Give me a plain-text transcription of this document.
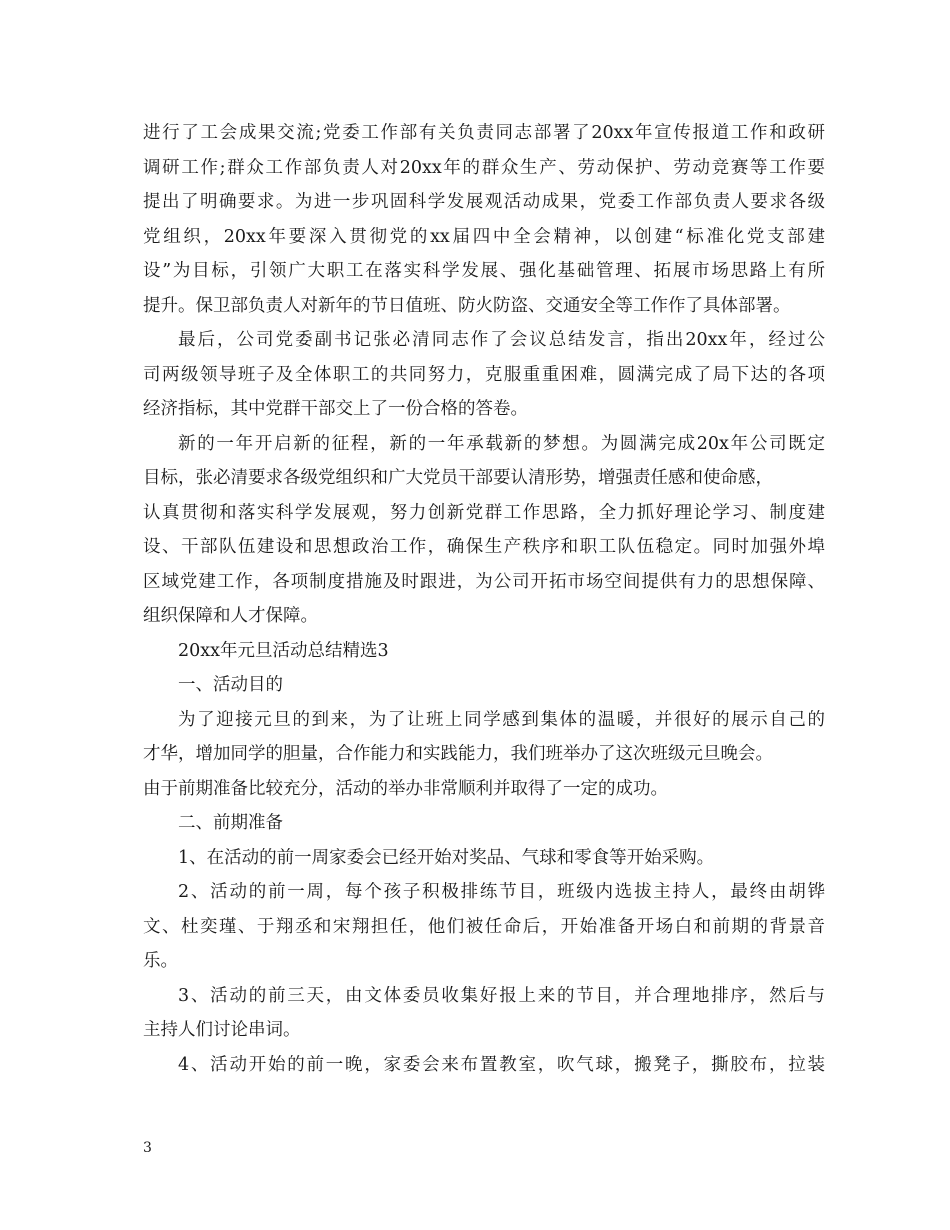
进行了工会成果交流;党委工作部有关负责同志部署了20xx年宣传报道工作和政研
调研工作;群众工作部负责人对20xx年的群众生产、劳动保护、劳动竞赛等工作要
提出了明确要求。为进一步巩固科学发展观活动成果，党委工作部负责人要求各级
党组织，20xx年要深入贯彻党的xx届四中全会精神，以创建“标准化党支部建
设”为目标，引领广大职工在落实科学发展、强化基础管理、拓展市场思路上有所
提升。保卫部负责人对新年的节日值班、防火防盗、交通安全等工作作了具体部署。
最后，公司党委副书记张必清同志作了会议总结发言，指出20xx年，经过公
司两级领导班子及全体职工的共同努力，克服重重困难，圆满完成了局下达的各项
经济指标，其中党群干部交上了一份合格的答卷。
新的一年开启新的征程，新的一年承载新的梦想。为圆满完成20x年公司既定
目标，张必清要求各级党组织和广大党员干部要认清形势，增强责任感和使命感，
认真贯彻和落实科学发展观，努力创新党群工作思路，全力抓好理论学习、制度建
设、干部队伍建设和思想政治工作，确保生产秩序和职工队伍稳定。同时加强外埠
区域党建工作，各项制度措施及时跟进，为公司开拓市场空间提供有力的思想保障、
组织保障和人才保障。
20xx年元旦活动总结精选3
一、活动目的
为了迎接元旦的到来，为了让班上同学感到集体的温暖，并很好的展示自己的
才华，增加同学的胆量，合作能力和实践能力，我们班举办了这次班级元旦晚会。
由于前期准备比较充分，活动的举办非常顺利并取得了一定的成功。
二、前期准备
1、在活动的前一周家委会已经开始对奖品、气球和零食等开始采购。
2、活动的前一周，每个孩子积极排练节目，班级内选拔主持人，最终由胡铧
文、杜奕瑾、于翔丞和宋翔担任，他们被任命后，开始准备开场白和前期的背景音
乐。
3、活动的前三天，由文体委员收集好报上来的节目，并合理地排序，然后与
主持人们讨论串词。
4、活动开始的前一晚，家委会来布置教室，吹气球，搬凳子，撕胶布，拉装
3
